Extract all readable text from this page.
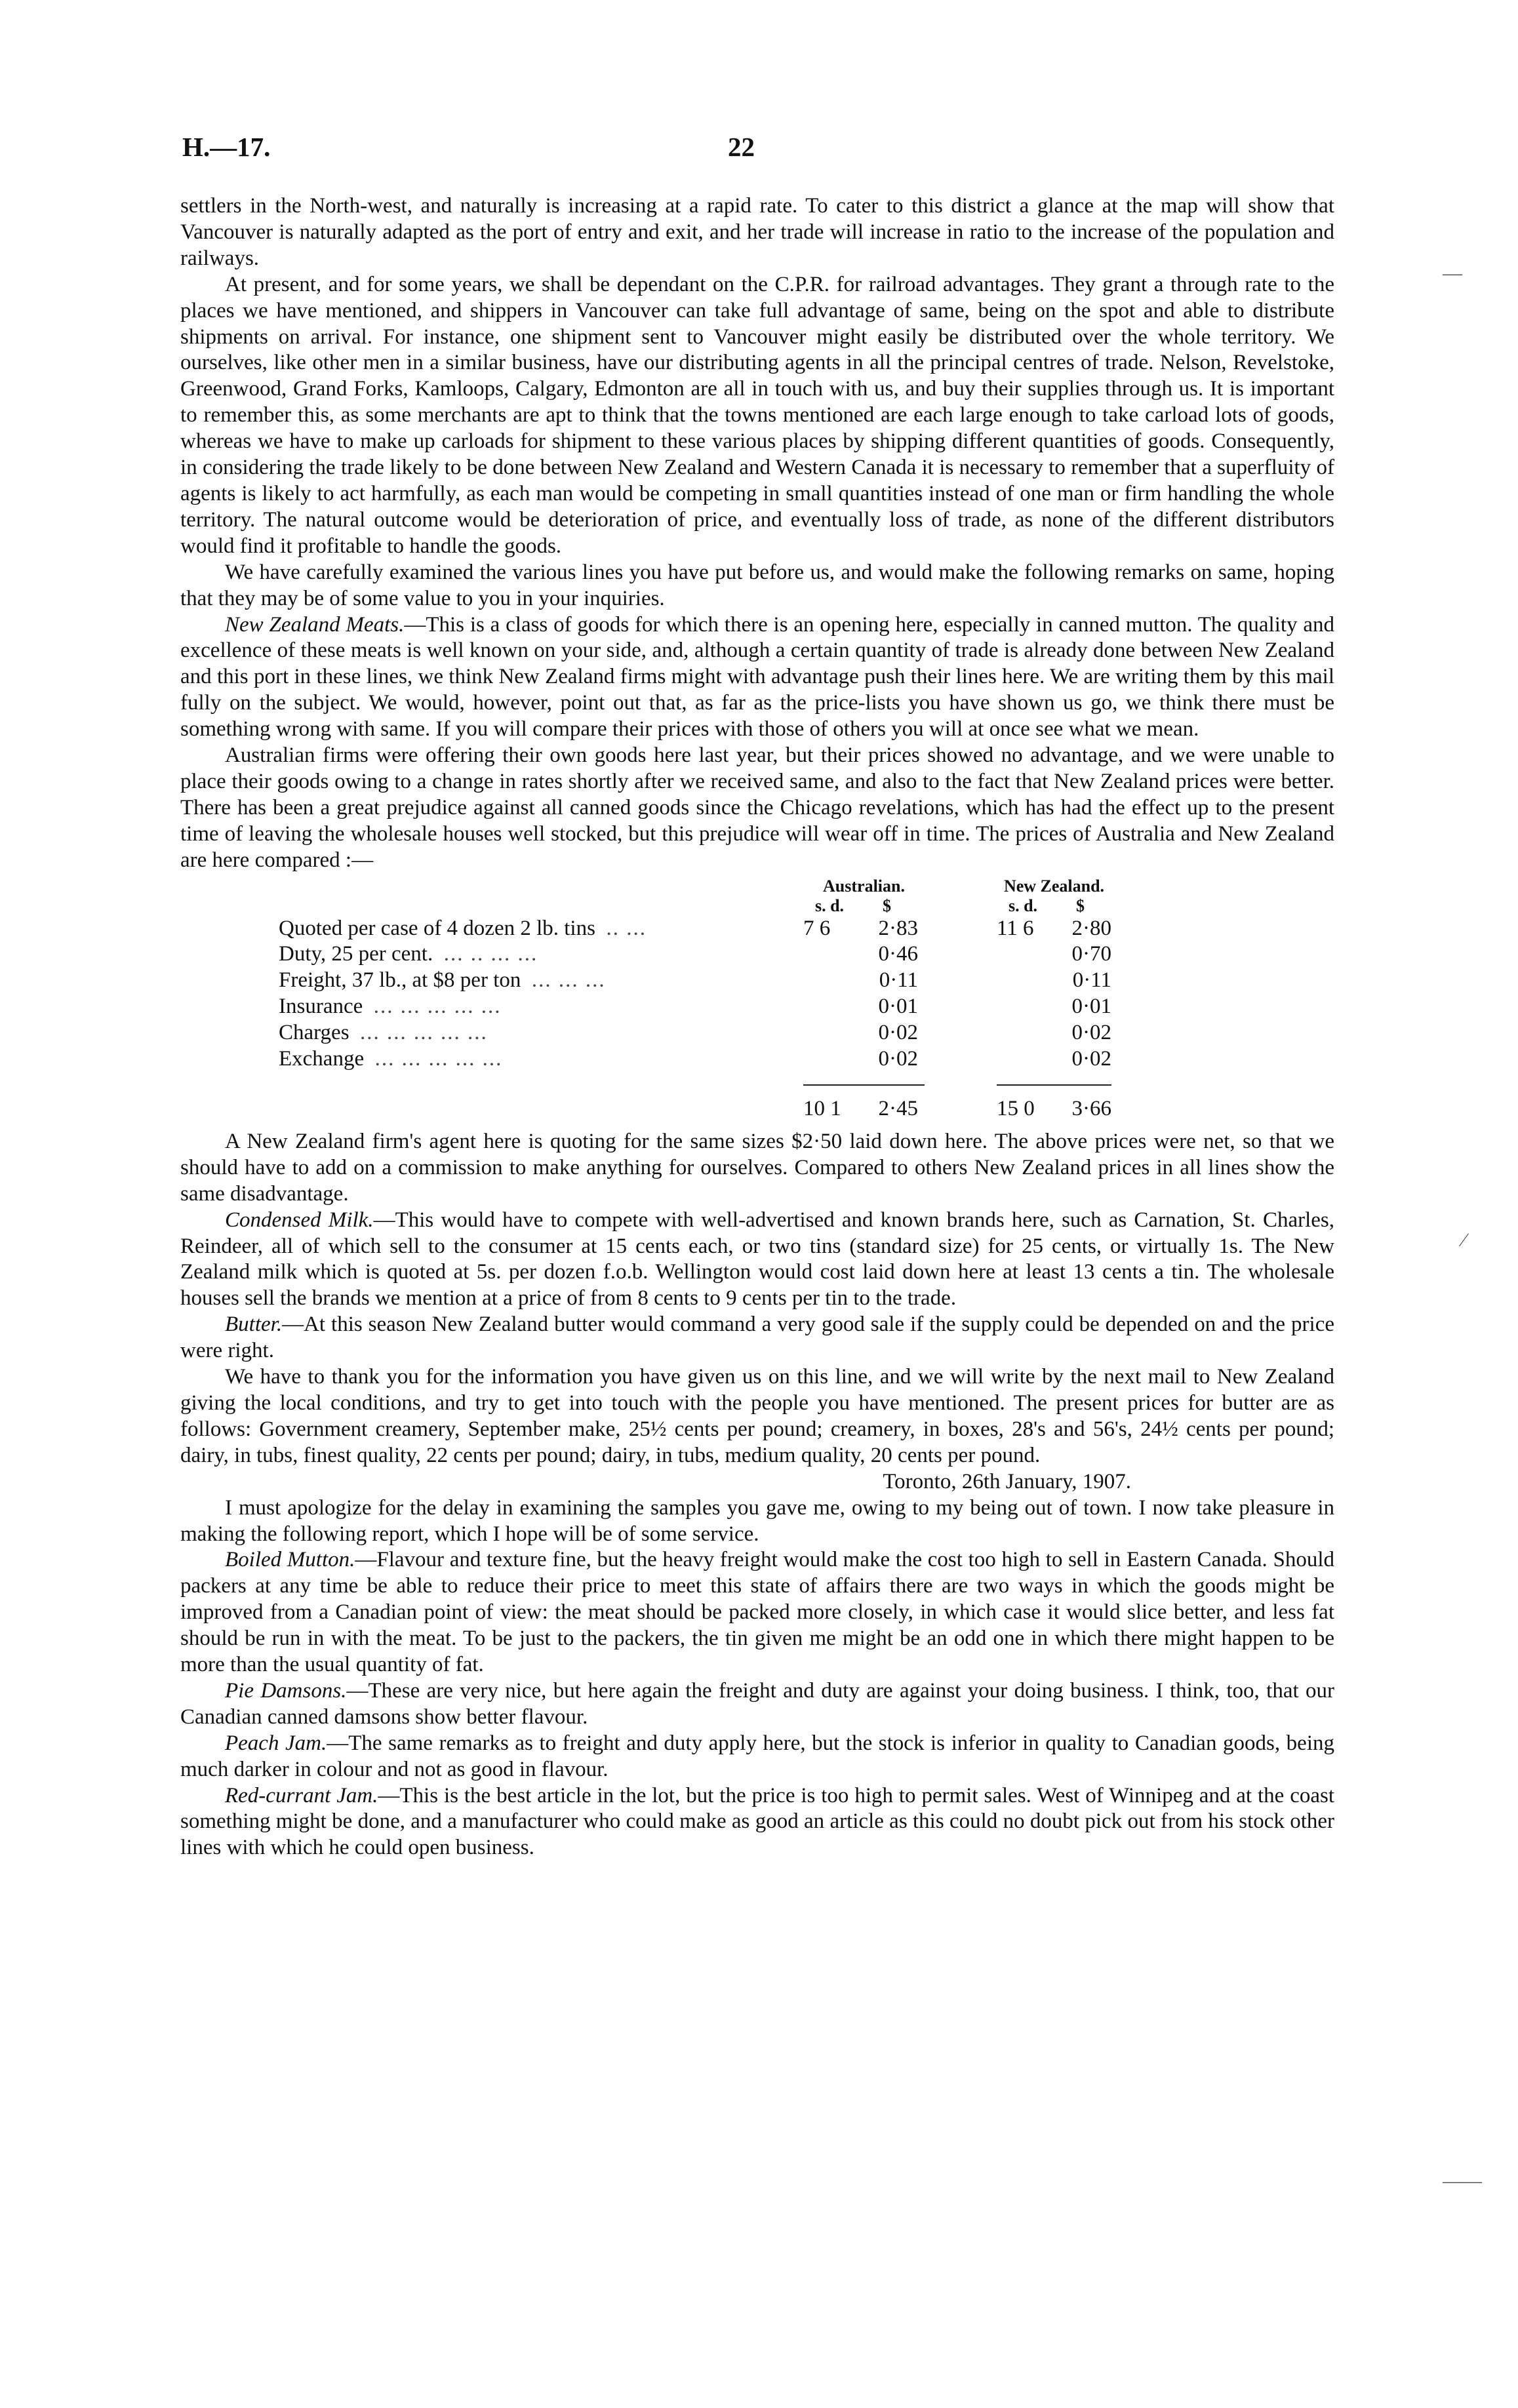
H.—17.	22

settlers in the North-west, and naturally is increasing at a rapid rate. To cater to this district a glance at the map will show that Vancouver is naturally adapted as the port of entry and exit, and her trade will increase in ratio to the increase of the population and railways.

At present, and for some years, we shall be dependant on the C.P.R. for railroad advantages. They grant a through rate to the places we have mentioned, and shippers in Vancouver can take full advantage of same, being on the spot and able to distribute shipments on arrival. For instance, one shipment sent to Vancouver might easily be distributed over the whole territory. We ourselves, like other men in a similar business, have our distributing agents in all the principal centres of trade. Nelson, Revelstoke, Greenwood, Grand Forks, Kamloops, Calgary, Edmonton are all in touch with us, and buy their supplies through us. It is important to remember this, as some merchants are apt to think that the towns mentioned are each large enough to take carload lots of goods, whereas we have to make up carloads for shipment to these various places by shipping different quantities of goods. Consequently, in considering the trade likely to be done between New Zealand and Western Canada it is necessary to remember that a superfluity of agents is likely to act harmfully, as each man would be competing in small quantities instead of one man or firm handling the whole territory. The natural outcome would be deterioration of price, and eventually loss of trade, as none of the different distributors would find it profitable to handle the goods.

We have carefully examined the various lines you have put before us, and would make the following remarks on same, hoping that they may be of some value to you in your inquiries.

New Zealand Meats.—This is a class of goods for which there is an opening here, especially in canned mutton. The quality and excellence of these meats is well known on your side, and, although a certain quantity of trade is already done between New Zealand and this port in these lines, we think New Zealand firms might with advantage push their lines here. We are writing them by this mail fully on the subject. We would, however, point out that, as far as the price-lists you have shown us go, we think there must be something wrong with same. If you will compare their prices with those of others you will at once see what we mean.

Australian firms were offering their own goods here last year, but their prices showed no advantage, and we were unable to place their goods owing to a change in rates shortly after we received same, and also to the fact that New Zealand prices were better. There has been a great prejudice against all canned goods since the Chicago revelations, which has had the effect up to the present time of leaving the wholesale houses well stocked, but this prejudice will wear off in time. The prices of Australia and New Zealand are here compared :—

	Australian.			New Zealand.	
	s. d.	$		s. d.	$
Quoted per case of 4 dozen 2 lb. tins .. ...	7 6	2·83		11 6	2·80
Duty, 25 per cent. ... .. ... ...		0·46			0·70
Freight, 37 lb., at $8 per ton ... ... ...		0·11			0·11
Insurance ... ... ... ... ...		0·01			0·01
Charges ... ... ... ... ...		0·02			0·02
Exchange ... ... ... ... ...		0·02			0·02

	10 1	2·45		15 0	3·66

A New Zealand firm's agent here is quoting for the same sizes $2·50 laid down here. The above prices were net, so that we should have to add on a commission to make anything for ourselves. Compared to others New Zealand prices in all lines show the same disadvantage.

Condensed Milk.—This would have to compete with well-advertised and known brands here, such as Carnation, St. Charles, Reindeer, all of which sell to the consumer at 15 cents each, or two tins (standard size) for 25 cents, or virtually 1s. The New Zealand milk which is quoted at 5s. per dozen f.o.b. Wellington would cost laid down here at least 13 cents a tin. The wholesale houses sell the brands we mention at a price of from 8 cents to 9 cents per tin to the trade.

Butter.—At this season New Zealand butter would command a very good sale if the supply could be depended on and the price were right.

We have to thank you for the information you have given us on this line, and we will write by the next mail to New Zealand giving the local conditions, and try to get into touch with the people you have mentioned. The present prices for butter are as follows: Government creamery, September make, 25½ cents per pound; creamery, in boxes, 28's and 56's, 24½ cents per pound; dairy, in tubs, finest quality, 22 cents per pound; dairy, in tubs, medium quality, 20 cents per pound.

Toronto, 26th January, 1907.

I must apologize for the delay in examining the samples you gave me, owing to my being out of town. I now take pleasure in making the following report, which I hope will be of some service.

Boiled Mutton.—Flavour and texture fine, but the heavy freight would make the cost too high to sell in Eastern Canada. Should packers at any time be able to reduce their price to meet this state of affairs there are two ways in which the goods might be improved from a Canadian point of view: the meat should be packed more closely, in which case it would slice better, and less fat should be run in with the meat. To be just to the packers, the tin given me might be an odd one in which there might happen to be more than the usual quantity of fat.

Pie Damsons.—These are very nice, but here again the freight and duty are against your doing business. I think, too, that our Canadian canned damsons show better flavour.

Peach Jam.—The same remarks as to freight and duty apply here, but the stock is inferior in quality to Canadian goods, being much darker in colour and not as good in flavour.

Red-currant Jam.—This is the best article in the lot, but the price is too high to permit sales. West of Winnipeg and at the coast something might be done, and a manufacturer who could make as good an article as this could no doubt pick out from his stock other lines with which he could open business.

—
⁄
——
